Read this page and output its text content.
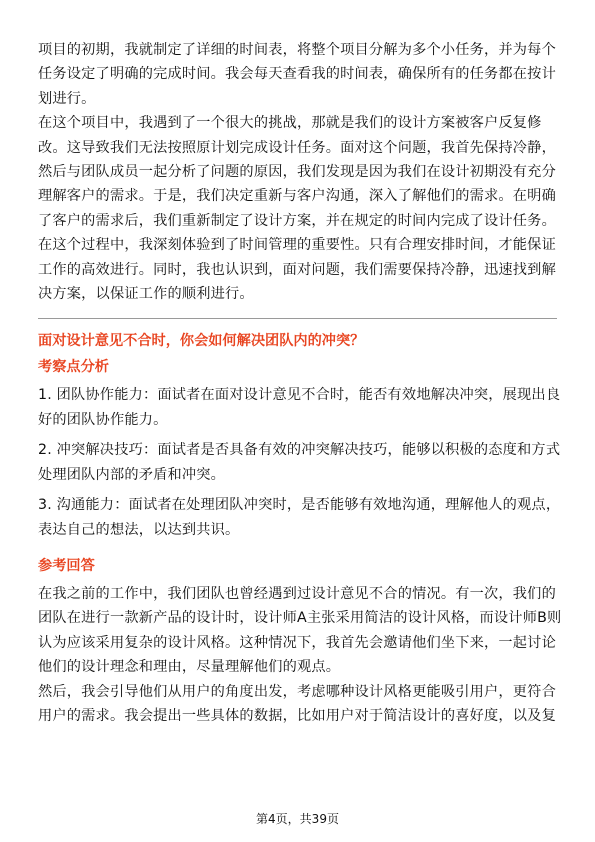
项目的初期，我就制定了详细的时间表，将整个项目分解为多个小任务，并为每个
任务设定了明确的完成时间。我会每天查看我的时间表，确保所有的任务都在按计
划进行。
在这个项目中，我遇到了一个很大的挑战，那就是我们的设计方案被客户反复修
改。这导致我们无法按照原计划完成设计任务。面对这个问题，我首先保持冷静，
然后与团队成员一起分析了问题的原因，我们发现是因为我们在设计初期没有充分
理解客户的需求。于是，我们决定重新与客户沟通，深入了解他们的需求。在明确
了客户的需求后，我们重新制定了设计方案，并在规定的时间内完成了设计任务。
在这个过程中，我深刻体验到了时间管理的重要性。只有合理安排时间，才能保证
工作的高效进行。同时，我也认识到，面对问题，我们需要保持冷静，迅速找到解
决方案，以保证工作的顺利进行。
面对设计意见不合时，你会如何解决团队内的冲突？
考察点分析
1. 团队协作能力：面试者在面对设计意见不合时，能否有效地解决冲突，展现出良
好的团队协作能力。
2. 冲突解决技巧：面试者是否具备有效的冲突解决技巧，能够以积极的态度和方式
处理团队内部的矛盾和冲突。
3. 沟通能力：面试者在处理团队冲突时，是否能够有效地沟通，理解他人的观点，
表达自己的想法，以达到共识。
参考回答
在我之前的工作中，我们团队也曾经遇到过设计意见不合的情况。有一次，我们的
团队在进行一款新产品的设计时，设计师A主张采用简洁的设计风格，而设计师B则
认为应该采用复杂的设计风格。这种情况下，我首先会邀请他们坐下来，一起讨论
他们的设计理念和理由，尽量理解他们的观点。
然后，我会引导他们从用户的角度出发，考虑哪种设计风格更能吸引用户，更符合
用户的需求。我会提出一些具体的数据，比如用户对于简洁设计的喜好度，以及复
第4页，共39页
